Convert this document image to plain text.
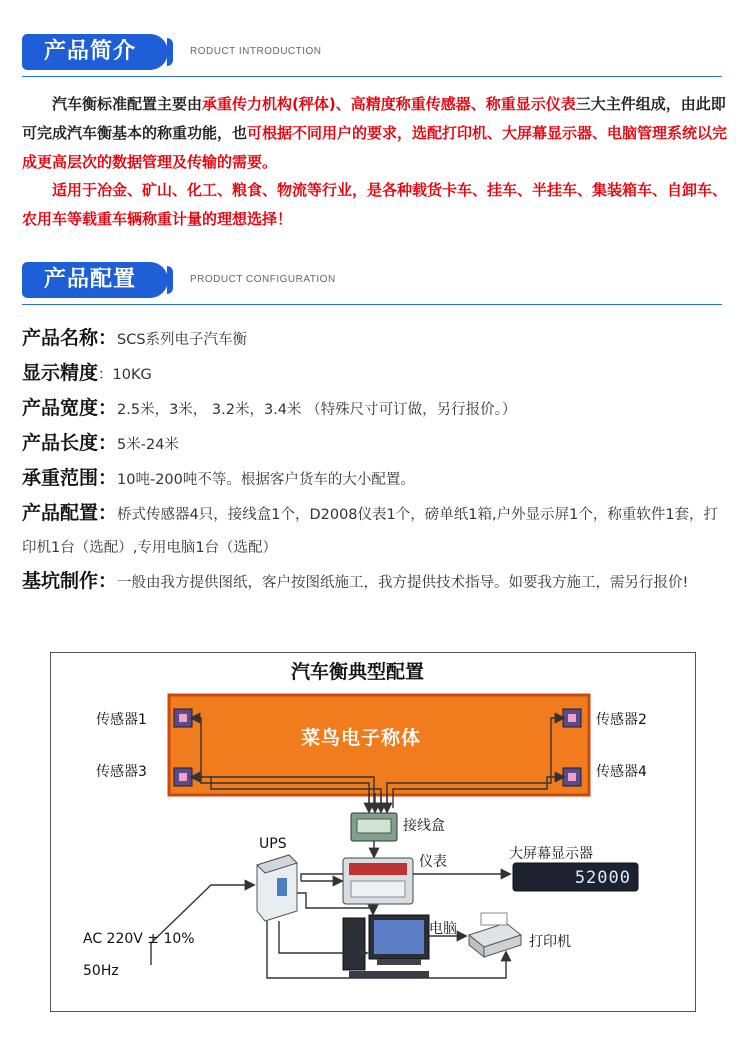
产品简介	RODUCT INTRODUCTION
汽车衡标准配置主要由承重传力机构(秤体)、高精度称重传感器、称重显示仪表三大主件组成，由此即可完成汽车衡基本的称重功能，也可根据不同用户的要求，选配打印机、大屏幕显示器、电脑管理系统以完成更高层次的数据管理及传输的需要。
适用于冶金、矿山、化工、粮食、物流等行业，是各种载货卡车、挂车、半挂车、集装箱车、自卸车、农用车等载重车辆称重计量的理想选择！
产品配置	PRODUCT CONFIGURATION
产品名称：SCS系列电子汽车衡
显示精度：10KG
产品宽度：2.5米，3米， 3.2米，3.4米 （特殊尺寸可订做，另行报价。）
产品长度：5米-24米
承重范围：10吨-200吨不等。根据客户货车的大小配置。
产品配置：桥式传感器4只，接线盒1个，D2008仪表1个，磅单纸1箱,户外显示屏1个，称重软件1套，打印机1台（选配）,专用电脑1台（选配）
基坑制作：一般由我方提供图纸，客户按图纸施工，我方提供技术指导。如要我方施工，需另行报价!
汽车衡典型配置
菜鸟电子称体
传感器1	传感器2
传感器3	传感器4
接线盒
UPS
仪表	大屏幕显示器
52000
电脑
打印机
AC 220V ± 10%
50Hz
